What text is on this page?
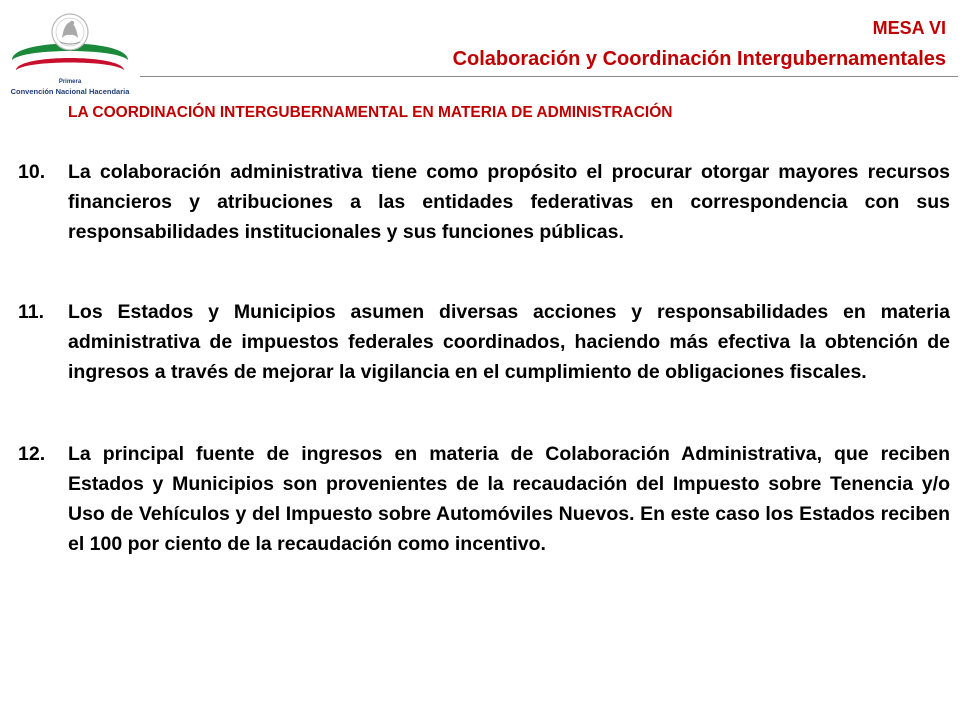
Primera
Convención Nacional Hacendaria
MESA VI
Colaboración y Coordinación Intergubernamentales
LA COORDINACIÓN INTERGUBERNAMENTAL EN MATERIA DE ADMINISTRACIÓN
10.	La colaboración administrativa tiene como propósito el procurar otorgar mayores recursos financieros y atribuciones a las entidades federativas en correspondencia con sus responsabilidades institucionales y sus funciones públicas.
11.	Los Estados y Municipios asumen diversas acciones y responsabilidades en materia administrativa de impuestos federales coordinados, haciendo más efectiva la obtención de ingresos a través de mejorar la vigilancia en el cumplimiento de obligaciones fiscales.
12.	La principal fuente de ingresos en materia de Colaboración Administrativa, que reciben Estados y Municipios son provenientes de la recaudación del Impuesto sobre Tenencia y/o Uso de Vehículos y del Impuesto sobre Automóviles Nuevos. En este caso los Estados reciben el 100 por ciento de la recaudación como incentivo.
